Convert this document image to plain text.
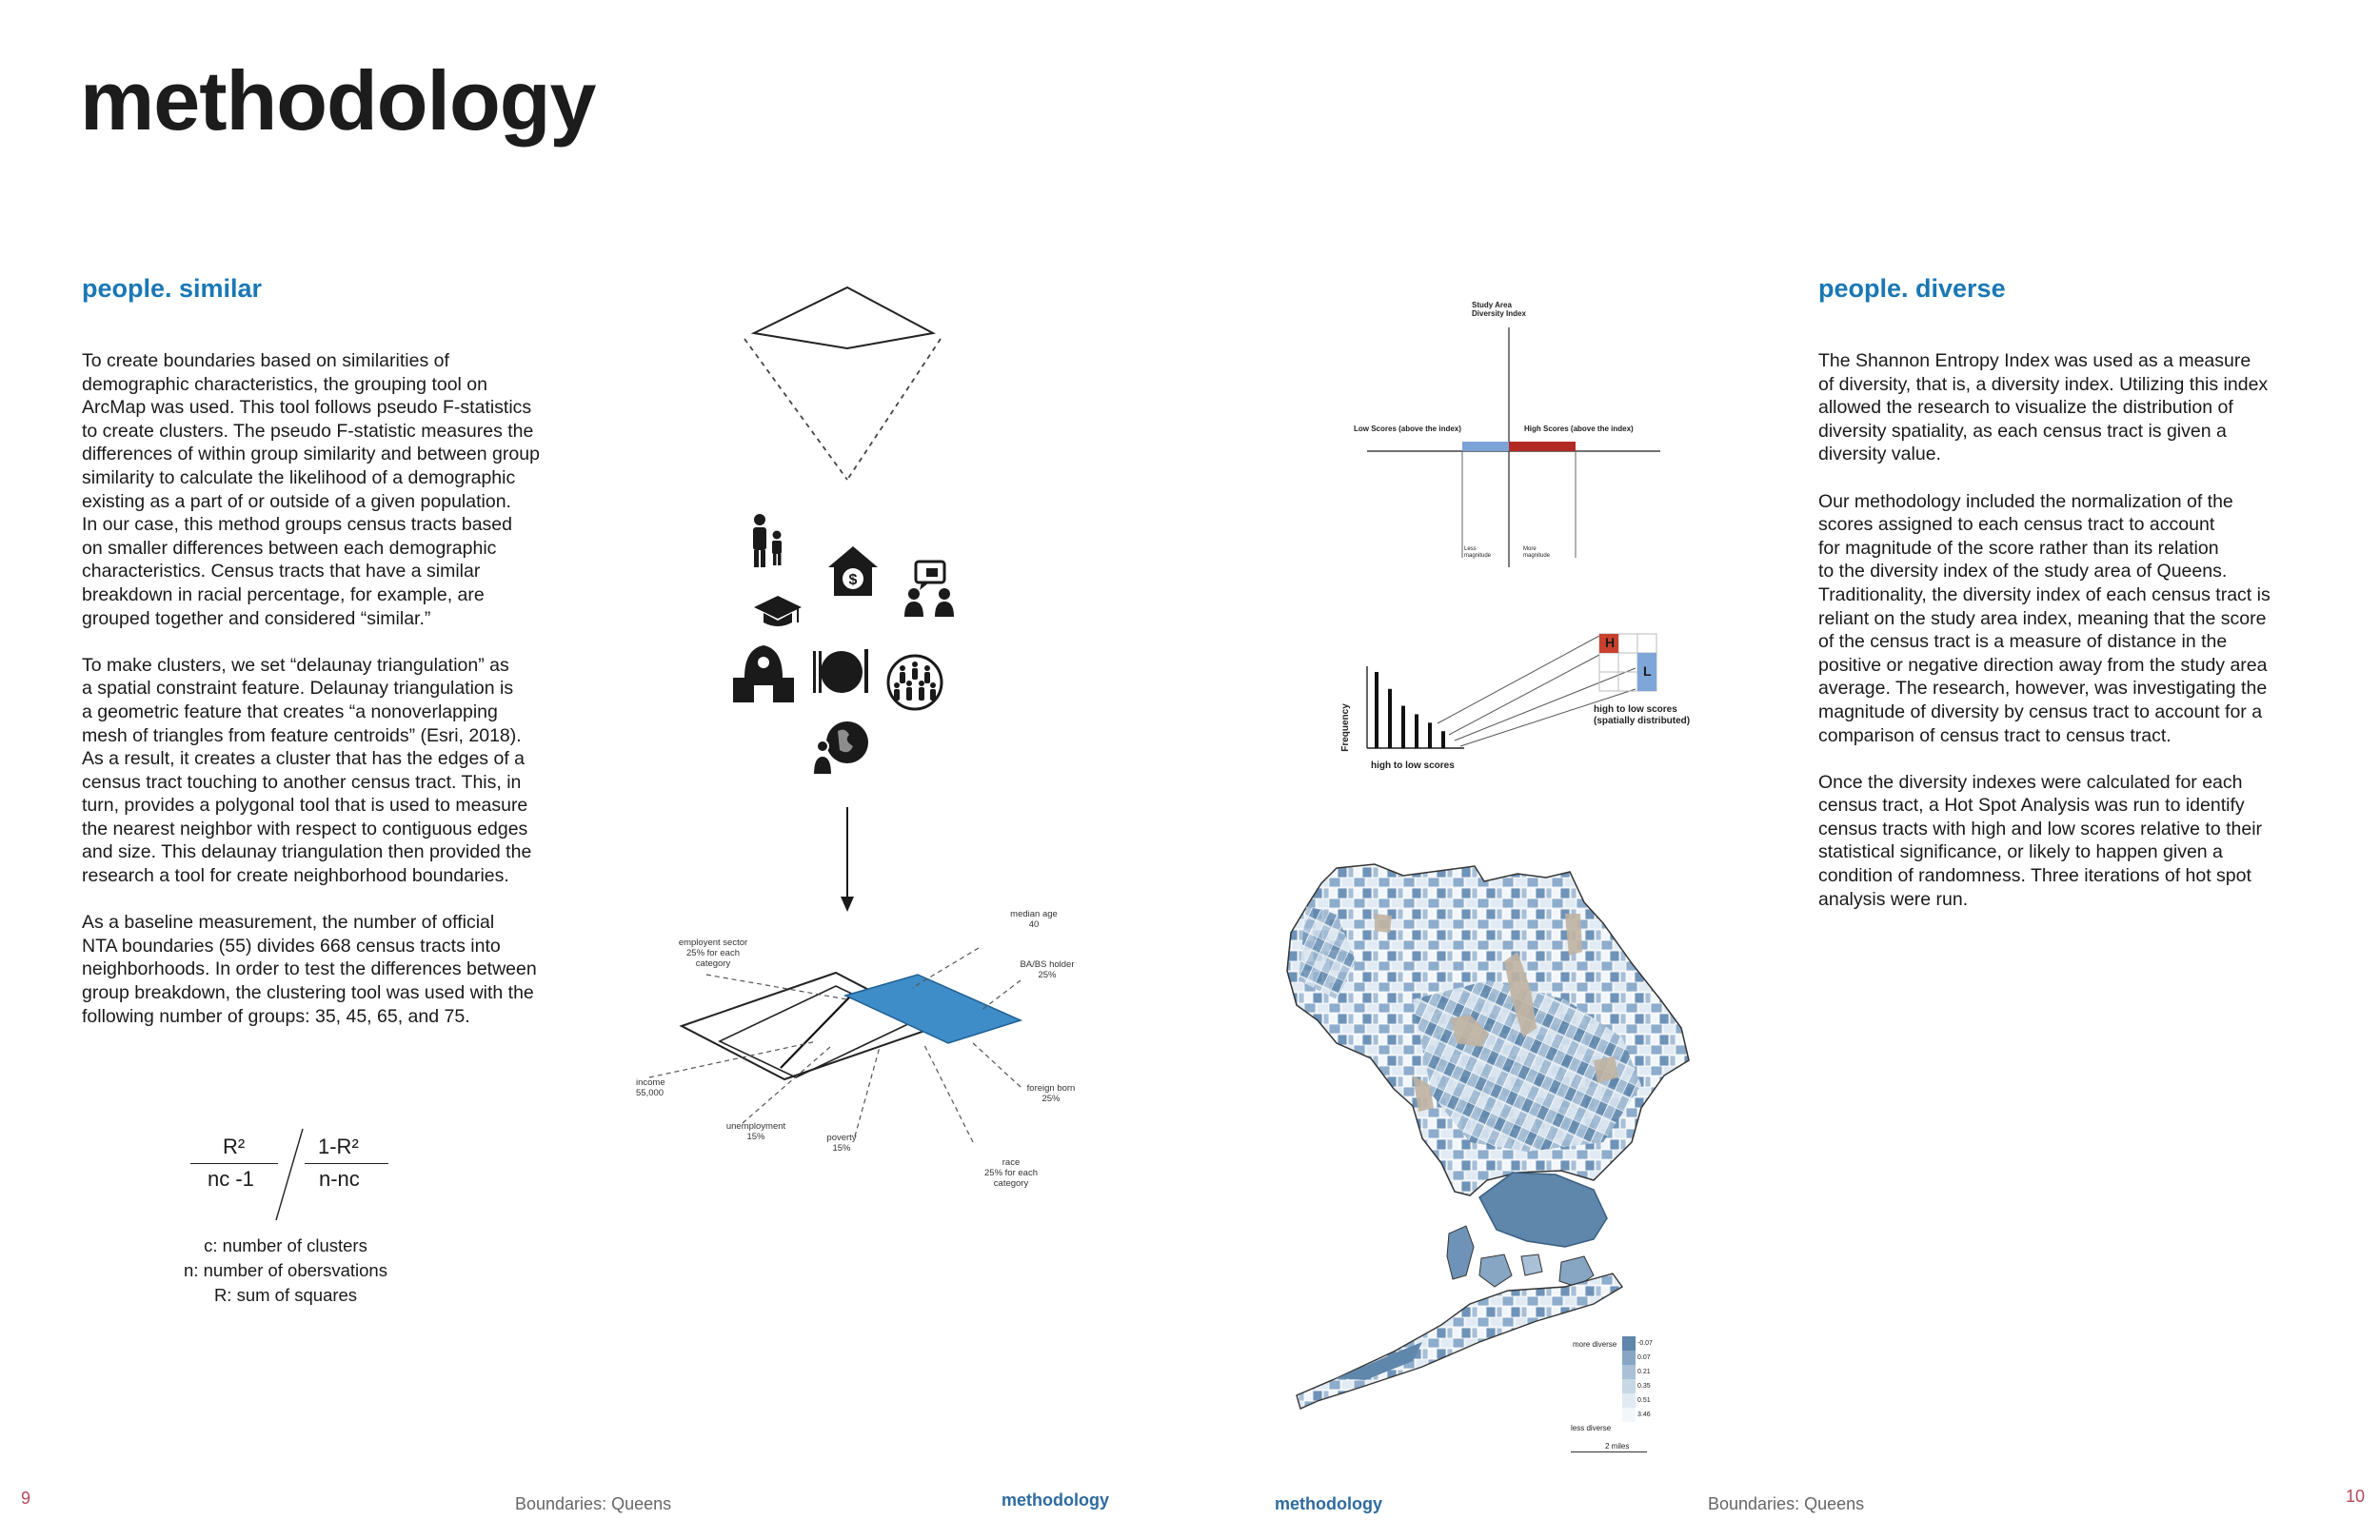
methodology
people. similar

To create boundaries based on similarities of
demographic characteristics, the grouping tool on
ArcMap was used. This tool follows pseudo F-statistics
to create clusters. The pseudo F-statistic measures the
differences of within group similarity and between group
similarity to calculate the likelihood of a demographic
existing as a part of or outside of a given population.
In our case, this method groups census tracts based
on smaller differences between each demographic
characteristics. Census tracts that have a similar
breakdown in racial percentage, for example, are
grouped together and considered “similar.”

To make clusters, we set “delaunay triangulation” as
a spatial constraint feature. Delaunay triangulation is
a geometric feature that creates “a nonoverlapping
mesh of triangles from feature centroids” (Esri, 2018).
As a result, it creates a cluster that has the edges of a
census tract touching to another census tract. This, in
turn, provides a polygonal tool that is used to measure
the nearest neighbor with respect to contiguous edges
and size. This delaunay triangulation then provided the
research a tool for create neighborhood boundaries.

As a baseline measurement, the number of official
NTA boundaries (55) divides 668 census tracts into
neighborhoods. In order to test the differences between
group breakdown, the clustering tool was used with the
following number of groups: 35, 45, 65, and 75.

R²
nc -1
1-R²
n-nc
c: number of clusters
n: number of obersvations
R: sum of squares
$
employent sector
25% for each
category
median age
40
BA/BS holder
25%
income
55,000	foreign born
25%
unemployment
15%	poverty
15%
race
25% for each
category
Study Area
Diversity Index
Low Scores (above the index)	High Scores (above the index)
Less
magnitude
More
magnitude
H
L
Frequency
high to low scores
high to low scores
(spatially distributed)
more diverse
less diverse
-0.07
0.07
0.21
0.35
0.51
3.46
2 miles
people. diverse

The Shannon Entropy Index was used as a measure
of diversity, that is, a diversity index. Utilizing this index
allowed the research to visualize the distribution of
diversity spatiality, as each census tract is given a
diversity value.

Our methodology included the normalization of the
scores assigned to each census tract to account
for magnitude of the score rather than its relation
to the diversity index of the study area of Queens.
Traditionality, the diversity index of each census tract is
reliant on the study area index, meaning that the score
of the census tract is a measure of distance in the
positive or negative direction away from the study area
average. The research, however, was investigating the
magnitude of diversity by census tract to account for a
comparison of census tract to census tract.

Once the diversity indexes were calculated for each
census tract, a Hot Spot Analysis was run to identify
census tracts with high and low scores relative to their
statistical significance, or likely to happen given a
condition of randomness. Three iterations of hot spot
analysis were run.

9	Boundaries: Queens	methodology	methodology	Boundaries: Queens	10
